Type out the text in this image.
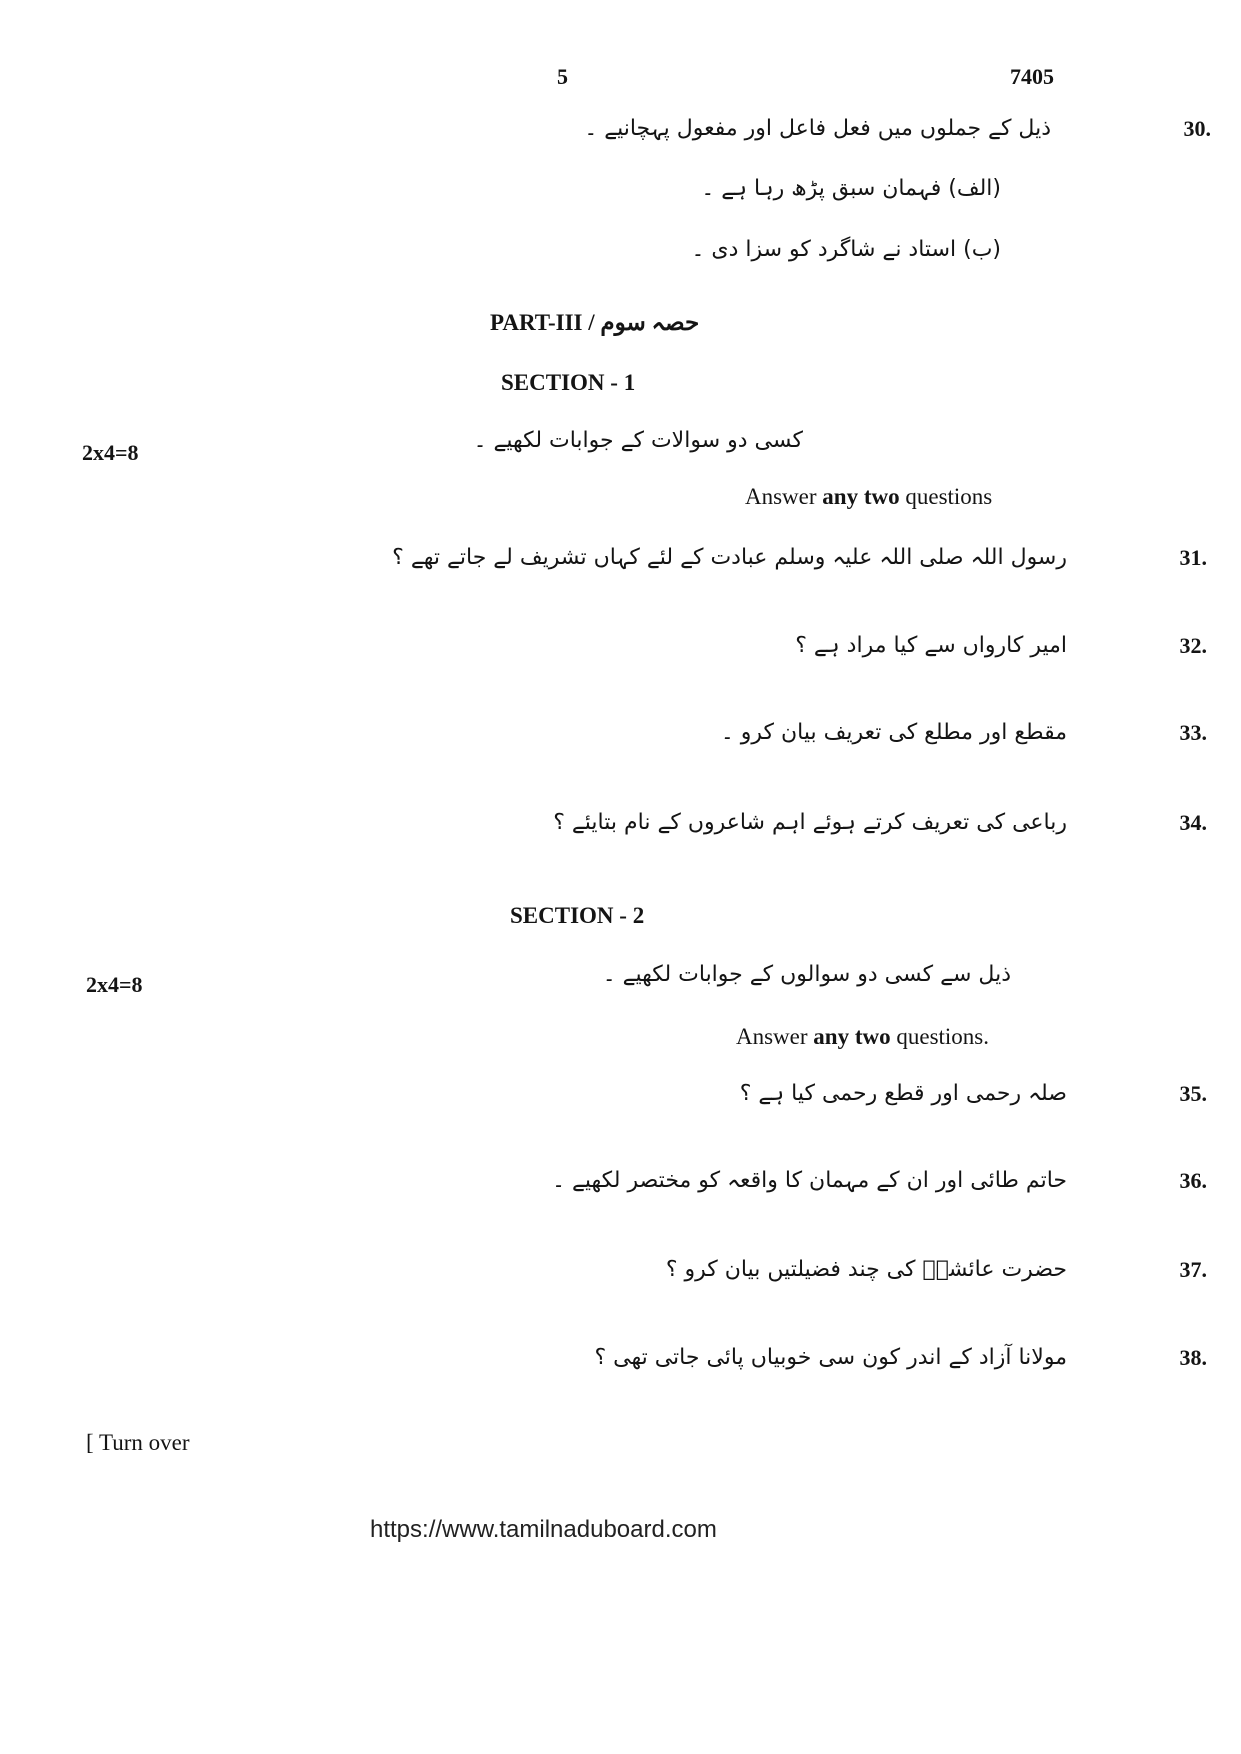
5	7405
30.
ذیل کے جملوں میں فعل فاعل اور مفعول پہچانیے ۔
(الف) فہمان سبق پڑھ رہا ہے ۔
(ب) استاد نے شاگرد کو سزا دی ۔
PART-III / حصہ سوم
SECTION - 1
کسی دو سوالات کے جوابات لکھیے ۔
2x4=8
Answer any two questions
31.
رسول اللہ صلی اللہ علیہ وسلم عبادت کے لئے کہاں تشریف لے جاتے تھے ؟
32.
امیر کارواں سے کیا مراد ہے ؟
33.
مقطع اور مطلع کی تعریف بیان کرو ۔
34.
رباعی کی تعریف کرتے ہوئے اہم شاعروں کے نام بتایئے ؟
SECTION - 2
ذیل سے کسی دو سوالوں کے جوابات لکھیے ۔
2x4=8
Answer any two questions.
35.
صلہ رحمی اور قطع رحمی کیا ہے ؟
36.
حاتم طائی اور ان کے مہمان کا واقعہ کو مختصر لکھیے ۔
37.
حضرت عائشہؓ کی چند فضیلتیں بیان کرو ؟
38.
مولانا آزاد کے اندر کون سی خوبیاں پائی جاتی تھی ؟
[ Turn over
https://www.tamilnaduboard.com
